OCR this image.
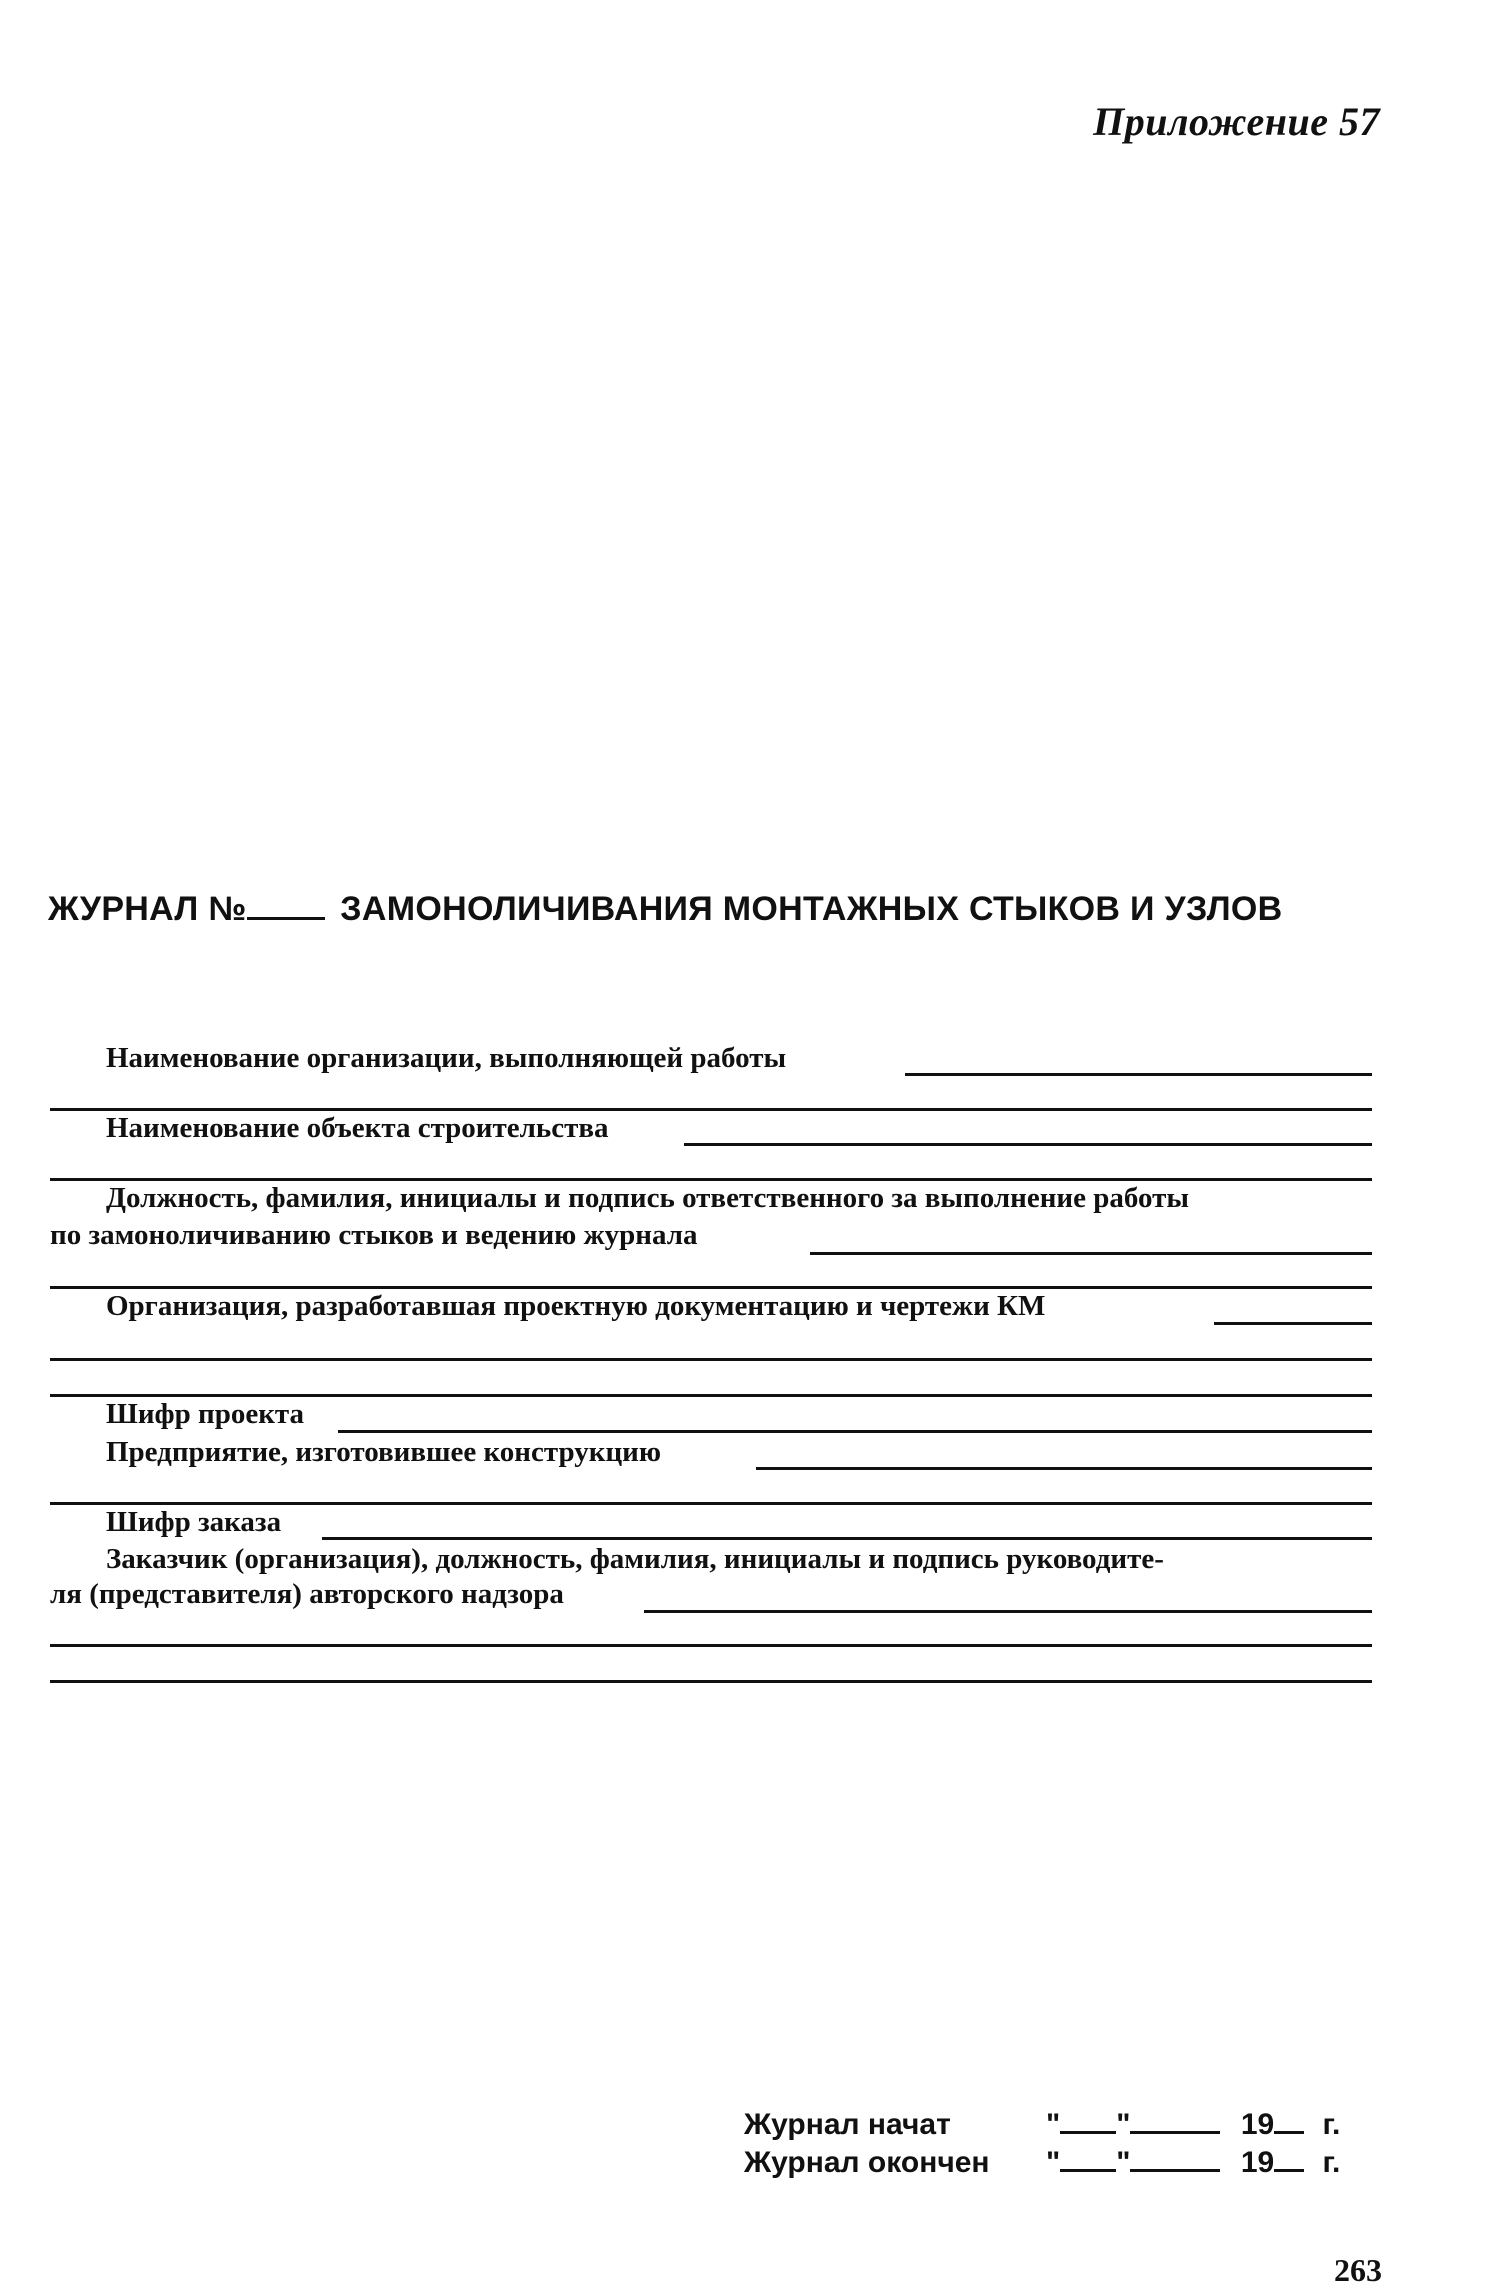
Приложение 57
ЖУРНАЛ №	ЗАМОНОЛИЧИВАНИЯ МОНТАЖНЫХ СТЫКОВ И УЗЛОВ
Наименование организации, выполняющей работы
Наименование объекта строительства
Должность, фамилия, инициалы и подпись ответственного за выполнение работы
по замоноличиванию стыков и ведению журнала
Организация, разработавшая проектную документацию и чертежи КМ
Шифр проекта
Предприятие, изготовившее конструкцию
Шифр заказа
Заказчик (организация), должность, фамилия, инициалы и подпись руководите-
ля (представителя) авторского надзора
Журнал начат	" "	19 г.
Журнал окончен " "	19 г.
263
